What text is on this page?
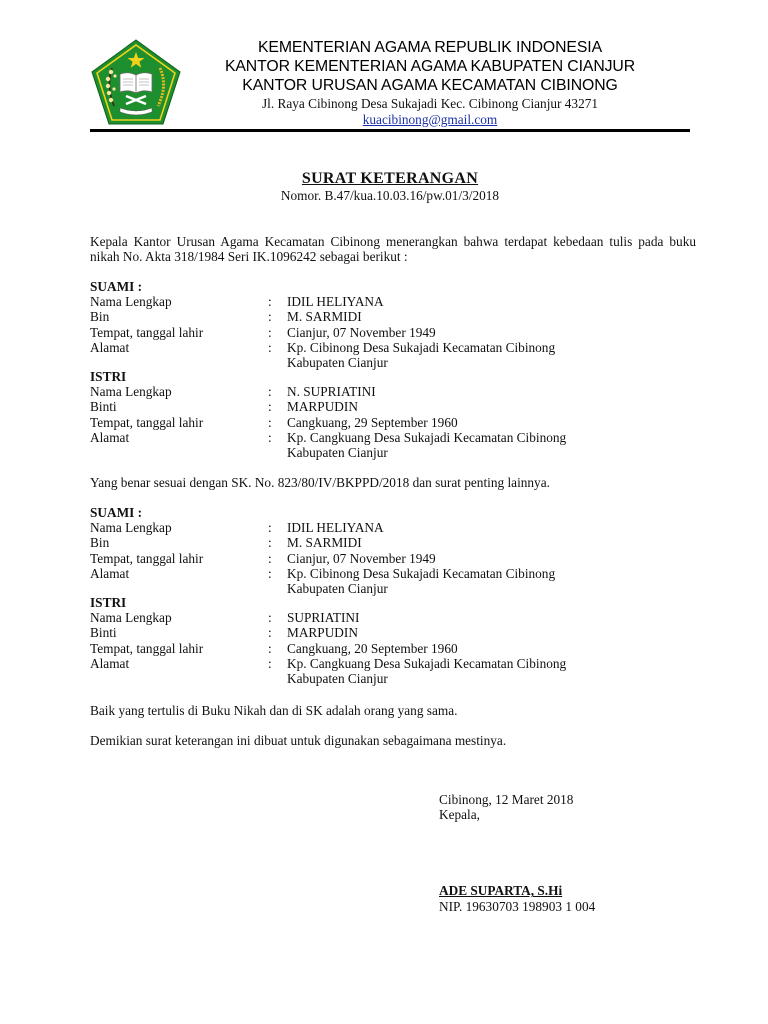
KEMENTERIAN AGAMA REPUBLIK INDONESIA
KANTOR KEMENTERIAN AGAMA KABUPATEN CIANJUR
KANTOR URUSAN AGAMA KECAMATAN CIBINONG
Jl. Raya Cibinong Desa Sukajadi Kec. Cibinong Cianjur 43271
kuacibinong@gmail.com
SURAT KETERANGAN
Nomor. B.47/kua.10.03.16/pw.01/3/2018
Kepala Kantor Urusan Agama Kecamatan Cibinong menerangkan bahwa terdapat kebedaan tulis pada buku nikah No. Akta 318/1984 Seri IK.1096242 sebagai berikut :
SUAMI :
Nama Lengkap	:	IDIL HELIYANA
Bin	:	M. SARMIDI
Tempat, tanggal lahir	:	Cianjur, 07 November 1949
Alamat	:	Kp. Cibinong Desa Sukajadi Kecamatan Cibinong
Kabupaten Cianjur
ISTRI
Nama Lengkap	:	N. SUPRIATINI
Binti	:	MARPUDIN
Tempat, tanggal lahir	:	Cangkuang, 29 September 1960
Alamat	:	Kp. Cangkuang Desa Sukajadi Kecamatan Cibinong
Kabupaten Cianjur
Yang benar sesuai dengan SK. No. 823/80/IV/BKPPD/2018 dan surat penting lainnya.
SUAMI :
Nama Lengkap	:	IDIL HELIYANA
Bin	:	M. SARMIDI
Tempat, tanggal lahir	:	Cianjur, 07 November 1949
Alamat	:	Kp. Cibinong Desa Sukajadi Kecamatan Cibinong
Kabupaten Cianjur
ISTRI
Nama Lengkap	:	SUPRIATINI
Binti	:	MARPUDIN
Tempat, tanggal lahir	:	Cangkuang, 20 September 1960
Alamat	:	Kp. Cangkuang Desa Sukajadi Kecamatan Cibinong
Kabupaten Cianjur
Baik yang tertulis di Buku Nikah dan di SK adalah orang yang sama.
Demikian surat keterangan ini dibuat untuk digunakan sebagaimana mestinya.
Cibinong, 12 Maret 2018
Kepala,
ADE SUPARTA, S.Hi
NIP. 19630703 198903 1 004
